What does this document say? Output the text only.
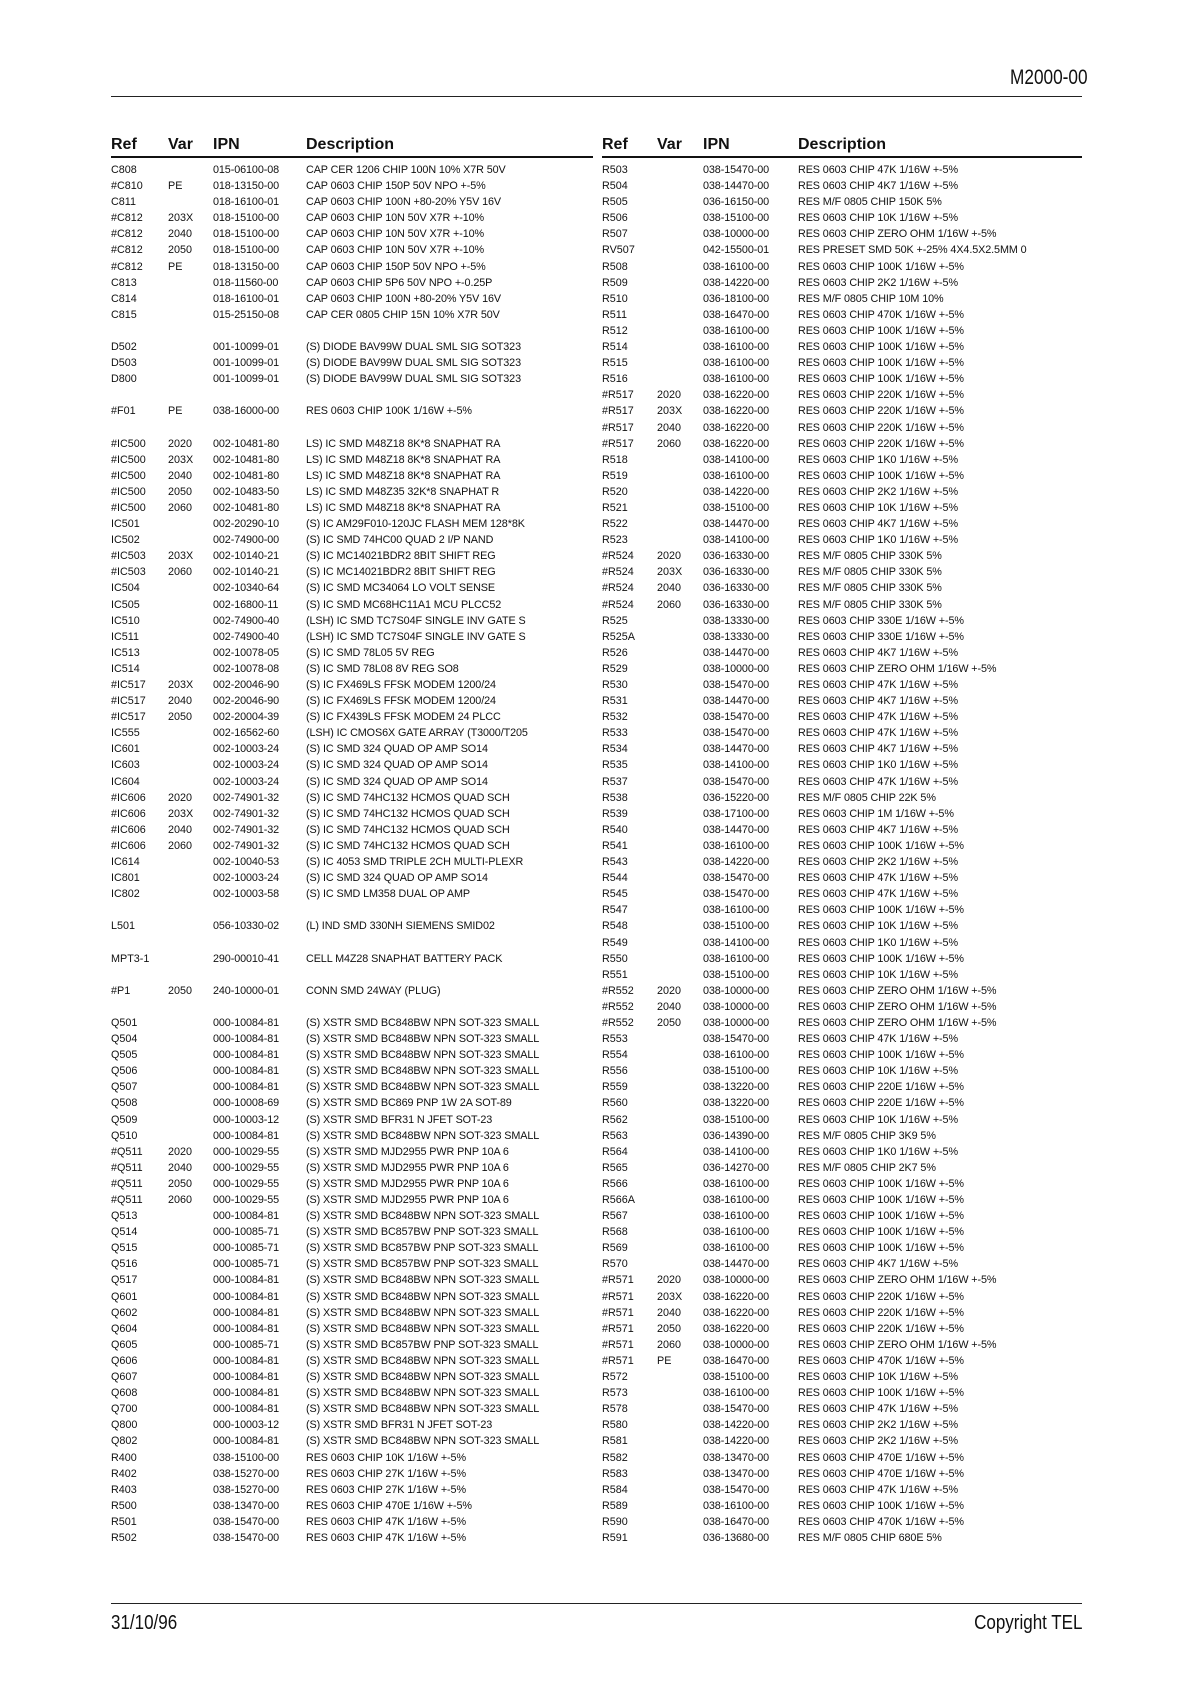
M2000-00
Ref Var IPN	Description
C808	015-06100-08 CAP CER 1206 CHIP 100N 10% X7R 50V
#C810 PE	018-13150-00 CAP 0603 CHIP 150P 50V NPO +-5%
C811	018-16100-01 CAP 0603 CHIP 100N +80-20% Y5V 16V
#C812 203X 018-15100-00 CAP 0603 CHIP 10N 50V X7R +-10%
#C812 2040 018-15100-00 CAP 0603 CHIP 10N 50V X7R +-10%
#C812 2050 018-15100-00 CAP 0603 CHIP 10N 50V X7R +-10%
#C812 PE	018-13150-00 CAP 0603 CHIP 150P 50V NPO +-5%
C813	018-11560-00	CAP 0603 CHIP 5P6 50V NPO +-0.25P
C814	018-16100-01 CAP 0603 CHIP 100N +80-20% Y5V 16V
C815	015-25150-08 CAP CER 0805 CHIP 15N 10% X7R 50V
D502	001-10099-01 (S) DIODE BAV99W DUAL SML SIG SOT323
D503	001-10099-01 (S) DIODE BAV99W DUAL SML SIG SOT323
D800	001-10099-01 (S) DIODE BAV99W DUAL SML SIG SOT323
#F01	PE	038-16000-00 RES 0603 CHIP 100K 1/16W +-5%
#IC500 2020 002-10481-80 LS) IC SMD M48Z18 8K*8 SNAPHAT RA
#IC500 203X 002-10481-80 LS) IC SMD M48Z18 8K*8 SNAPHAT RA
#IC500 2040 002-10481-80 LS) IC SMD M48Z18 8K*8 SNAPHAT RA
#IC500 2050 002-10483-50 LS) IC SMD M48Z35 32K*8 SNAPHAT R
#IC500 2060 002-10481-80 LS) IC SMD M48Z18 8K*8 SNAPHAT RA
IC501	002-20290-10 (S) IC AM29F010-120JC FLASH MEM 128*8K
IC502	002-74900-00 (S) IC SMD 74HC00 QUAD 2 I/P NAND
#IC503 203X 002-10140-21 (S) IC MC14021BDR2 8BIT SHIFT REG
#IC503 2060 002-10140-21 (S) IC MC14021BDR2 8BIT SHIFT REG
IC504	002-10340-64 (S) IC SMD MC34064 LO VOLT SENSE
IC505	002-16800-11	(S) IC SMD MC68HC11A1 MCU PLCC52
IC510	002-74900-40 (LSH) IC SMD TC7S04F SINGLE INV GATE S
IC511	002-74900-40 (LSH) IC SMD TC7S04F SINGLE INV GATE S
IC513	002-10078-05 (S) IC SMD 78L05 5V REG
IC514	002-10078-08 (S) IC SMD 78L08 8V REG SO8
#IC517 203X 002-20046-90 (S) IC FX469LS FFSK MODEM 1200/24
#IC517 2040 002-20046-90 (S) IC FX469LS FFSK MODEM 1200/24
#IC517 2050 002-20004-39 (S) IC FX439LS FFSK MODEM 24 PLCC
IC555	002-16562-60 (LSH) IC CMOS6X GATE ARRAY (T3000/T205
IC601	002-10003-24 (S) IC SMD 324 QUAD OP AMP SO14
IC603	002-10003-24 (S) IC SMD 324 QUAD OP AMP SO14
IC604	002-10003-24 (S) IC SMD 324 QUAD OP AMP SO14
#IC606 2020 002-74901-32 (S) IC SMD 74HC132 HCMOS QUAD SCH
#IC606 203X 002-74901-32 (S) IC SMD 74HC132 HCMOS QUAD SCH
#IC606 2040 002-74901-32 (S) IC SMD 74HC132 HCMOS QUAD SCH
#IC606 2060 002-74901-32 (S) IC SMD 74HC132 HCMOS QUAD SCH
IC614	002-10040-53 (S) IC 4053 SMD TRIPLE 2CH MULTI-PLEXR
IC801	002-10003-24 (S) IC SMD 324 QUAD OP AMP SO14
IC802	002-10003-58 (S) IC SMD LM358 DUAL OP AMP
L501	056-10330-02 (L) IND SMD 330NH SIEMENS SMID02
MPT3-1	290-00010-41 CELL M4Z28 SNAPHAT BATTERY PACK
#P1	2050 240-10000-01 CONN SMD 24WAY (PLUG)
Q501	000-10084-81 (S) XSTR SMD BC848BW NPN SOT-323 SMALL
Q504	000-10084-81 (S) XSTR SMD BC848BW NPN SOT-323 SMALL
Q505	000-10084-81 (S) XSTR SMD BC848BW NPN SOT-323 SMALL
Q506	000-10084-81 (S) XSTR SMD BC848BW NPN SOT-323 SMALL
Q507	000-10084-81 (S) XSTR SMD BC848BW NPN SOT-323 SMALL
Q508	000-10008-69 (S) XSTR SMD BC869 PNP 1W 2A SOT-89
Q509	000-10003-12 (S) XSTR SMD BFR31 N JFET SOT-23
Q510	000-10084-81 (S) XSTR SMD BC848BW NPN SOT-323 SMALL
#Q511 2020 000-10029-55 (S) XSTR SMD MJD2955 PWR PNP 10A 6
#Q511 2040 000-10029-55 (S) XSTR SMD MJD2955 PWR PNP 10A 6
#Q511 2050 000-10029-55 (S) XSTR SMD MJD2955 PWR PNP 10A 6
#Q511 2060 000-10029-55 (S) XSTR SMD MJD2955 PWR PNP 10A 6
Q513	000-10084-81 (S) XSTR SMD BC848BW NPN SOT-323 SMALL
Q514	000-10085-71 (S) XSTR SMD BC857BW PNP SOT-323 SMALL
Q515	000-10085-71 (S) XSTR SMD BC857BW PNP SOT-323 SMALL
Q516	000-10085-71 (S) XSTR SMD BC857BW PNP SOT-323 SMALL
Q517	000-10084-81 (S) XSTR SMD BC848BW NPN SOT-323 SMALL
Q601	000-10084-81 (S) XSTR SMD BC848BW NPN SOT-323 SMALL
Q602	000-10084-81 (S) XSTR SMD BC848BW NPN SOT-323 SMALL
Q604	000-10084-81 (S) XSTR SMD BC848BW NPN SOT-323 SMALL
Q605	000-10085-71 (S) XSTR SMD BC857BW PNP SOT-323 SMALL
Q606	000-10084-81 (S) XSTR SMD BC848BW NPN SOT-323 SMALL
Q607	000-10084-81 (S) XSTR SMD BC848BW NPN SOT-323 SMALL
Q608	000-10084-81 (S) XSTR SMD BC848BW NPN SOT-323 SMALL
Q700	000-10084-81 (S) XSTR SMD BC848BW NPN SOT-323 SMALL
Q800	000-10003-12 (S) XSTR SMD BFR31 N JFET SOT-23
Q802	000-10084-81 (S) XSTR SMD BC848BW NPN SOT-323 SMALL
R400	038-15100-00 RES 0603 CHIP 10K 1/16W +-5%
R402	038-15270-00 RES 0603 CHIP 27K 1/16W +-5%
R403	038-15270-00 RES 0603 CHIP 27K 1/16W +-5%
R500	038-13470-00 RES 0603 CHIP 470E 1/16W +-5%
R501	038-15470-00 RES 0603 CHIP 47K 1/16W +-5%
R502	038-15470-00 RES 0603 CHIP 47K 1/16W +-5%
Ref Var IPN	Description
R503	038-15470-00	RES 0603 CHIP 47K 1/16W +-5%
R504	038-14470-00	RES 0603 CHIP 4K7 1/16W +-5%
R505	036-16150-00	RES M/F 0805 CHIP 150K 5%
R506	038-15100-00	RES 0603 CHIP 10K 1/16W +-5%
R507	038-10000-00	RES 0603 CHIP ZERO OHM 1/16W +-5%
RV507	042-15500-01	RES PRESET SMD 50K +-25% 4X4.5X2.5MM 0
R508	038-16100-00	RES 0603 CHIP 100K 1/16W +-5%
R509	038-14220-00	RES 0603 CHIP 2K2 1/16W +-5%
R510	036-18100-00	RES M/F 0805 CHIP 10M 10%
R511	038-16470-00	RES 0603 CHIP 470K 1/16W +-5%
R512	038-16100-00	RES 0603 CHIP 100K 1/16W +-5%
R514	038-16100-00	RES 0603 CHIP 100K 1/16W +-5%
R515	038-16100-00	RES 0603 CHIP 100K 1/16W +-5%
R516	038-16100-00	RES 0603 CHIP 100K 1/16W +-5%
#R517 2020 038-16220-00	RES 0603 CHIP 220K 1/16W +-5%
#R517 203X 038-16220-00	RES 0603 CHIP 220K 1/16W +-5%
#R517 2040 038-16220-00	RES 0603 CHIP 220K 1/16W +-5%
#R517 2060 038-16220-00	RES 0603 CHIP 220K 1/16W +-5%
R518	038-14100-00	RES 0603 CHIP 1K0 1/16W +-5%
R519	038-16100-00	RES 0603 CHIP 100K 1/16W +-5%
R520	038-14220-00	RES 0603 CHIP 2K2 1/16W +-5%
R521	038-15100-00	RES 0603 CHIP 10K 1/16W +-5%
R522	038-14470-00	RES 0603 CHIP 4K7 1/16W +-5%
R523	038-14100-00	RES 0603 CHIP 1K0 1/16W +-5%
#R524 2020 036-16330-00	RES M/F 0805 CHIP 330K 5%
#R524 203X 036-16330-00	RES M/F 0805 CHIP 330K 5%
#R524 2040 036-16330-00	RES M/F 0805 CHIP 330K 5%
#R524 2060 036-16330-00	RES M/F 0805 CHIP 330K 5%
R525	038-13330-00	RES 0603 CHIP 330E 1/16W +-5%
R525A	038-13330-00	RES 0603 CHIP 330E 1/16W +-5%
R526	038-14470-00	RES 0603 CHIP 4K7 1/16W +-5%
R529	038-10000-00	RES 0603 CHIP ZERO OHM 1/16W +-5%
R530	038-15470-00	RES 0603 CHIP 47K 1/16W +-5%
R531	038-14470-00	RES 0603 CHIP 4K7 1/16W +-5%
R532	038-15470-00	RES 0603 CHIP 47K 1/16W +-5%
R533	038-15470-00	RES 0603 CHIP 47K 1/16W +-5%
R534	038-14470-00	RES 0603 CHIP 4K7 1/16W +-5%
R535	038-14100-00	RES 0603 CHIP 1K0 1/16W +-5%
R537	038-15470-00	RES 0603 CHIP 47K 1/16W +-5%
R538	036-15220-00	RES M/F 0805 CHIP 22K 5%
R539	038-17100-00	RES 0603 CHIP 1M 1/16W +-5%
R540	038-14470-00	RES 0603 CHIP 4K7 1/16W +-5%
R541	038-16100-00	RES 0603 CHIP 100K 1/16W +-5%
R543	038-14220-00	RES 0603 CHIP 2K2 1/16W +-5%
R544	038-15470-00	RES 0603 CHIP 47K 1/16W +-5%
R545	038-15470-00	RES 0603 CHIP 47K 1/16W +-5%
R547	038-16100-00	RES 0603 CHIP 100K 1/16W +-5%
R548	038-15100-00	RES 0603 CHIP 10K 1/16W +-5%
R549	038-14100-00	RES 0603 CHIP 1K0 1/16W +-5%
R550	038-16100-00	RES 0603 CHIP 100K 1/16W +-5%
R551	038-15100-00	RES 0603 CHIP 10K 1/16W +-5%
#R552 2020 038-10000-00	RES 0603 CHIP ZERO OHM 1/16W +-5%
#R552 2040 038-10000-00	RES 0603 CHIP ZERO OHM 1/16W +-5%
#R552 2050 038-10000-00	RES 0603 CHIP ZERO OHM 1/16W +-5%
R553	038-15470-00	RES 0603 CHIP 47K 1/16W +-5%
R554	038-16100-00	RES 0603 CHIP 100K 1/16W +-5%
R556	038-15100-00	RES 0603 CHIP 10K 1/16W +-5%
R559	038-13220-00	RES 0603 CHIP 220E 1/16W +-5%
R560	038-13220-00	RES 0603 CHIP 220E 1/16W +-5%
R562	038-15100-00	RES 0603 CHIP 10K 1/16W +-5%
R563	036-14390-00	RES M/F 0805 CHIP 3K9 5%
R564	038-14100-00	RES 0603 CHIP 1K0 1/16W +-5%
R565	036-14270-00	RES M/F 0805 CHIP 2K7 5%
R566	038-16100-00	RES 0603 CHIP 100K 1/16W +-5%
R566A	038-16100-00	RES 0603 CHIP 100K 1/16W +-5%
R567	038-16100-00	RES 0603 CHIP 100K 1/16W +-5%
R568	038-16100-00	RES 0603 CHIP 100K 1/16W +-5%
R569	038-16100-00	RES 0603 CHIP 100K 1/16W +-5%
R570	038-14470-00	RES 0603 CHIP 4K7 1/16W +-5%
#R571 2020 038-10000-00	RES 0603 CHIP ZERO OHM 1/16W +-5%
#R571 203X 038-16220-00	RES 0603 CHIP 220K 1/16W +-5%
#R571 2040 038-16220-00	RES 0603 CHIP 220K 1/16W +-5%
#R571 2050 038-16220-00	RES 0603 CHIP 220K 1/16W +-5%
#R571 2060 038-10000-00	RES 0603 CHIP ZERO OHM 1/16W +-5%
#R571 PE	038-16470-00	RES 0603 CHIP 470K 1/16W +-5%
R572	038-15100-00	RES 0603 CHIP 10K 1/16W +-5%
R573	038-16100-00	RES 0603 CHIP 100K 1/16W +-5%
R578	038-15470-00	RES 0603 CHIP 47K 1/16W +-5%
R580	038-14220-00	RES 0603 CHIP 2K2 1/16W +-5%
R581	038-14220-00	RES 0603 CHIP 2K2 1/16W +-5%
R582	038-13470-00	RES 0603 CHIP 470E 1/16W +-5%
R583	038-13470-00	RES 0603 CHIP 470E 1/16W +-5%
R584	038-15470-00	RES 0603 CHIP 47K 1/16W +-5%
R589	038-16100-00	RES 0603 CHIP 100K 1/16W +-5%
R590	038-16470-00	RES 0603 CHIP 470K 1/16W +-5%
R591	036-13680-00	RES M/F 0805 CHIP 680E 5%
31/10/96	Copyright TEL
